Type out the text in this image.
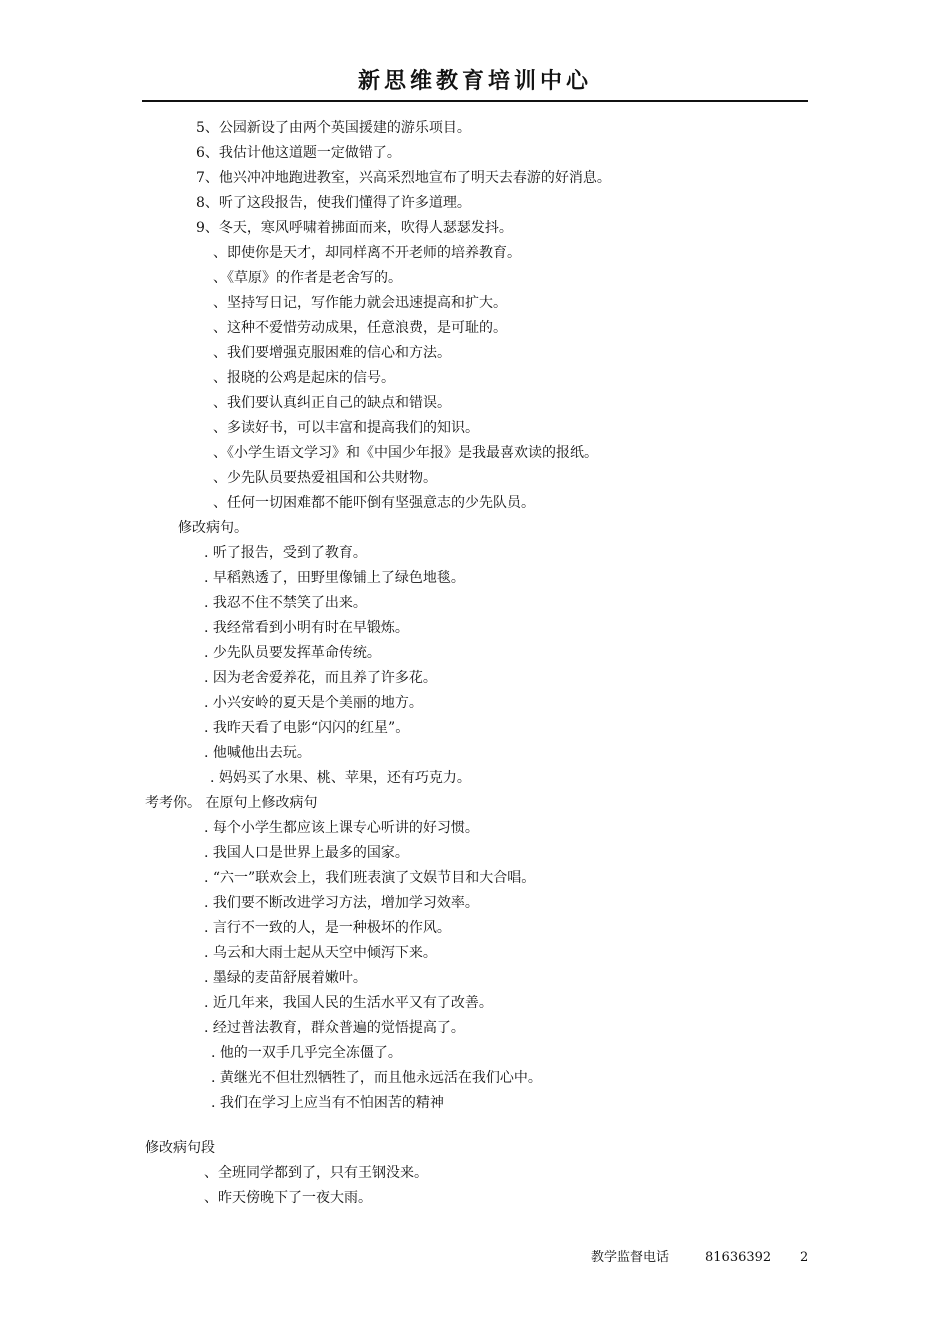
新思维教育培训中心
5、公园新设了由两个英国援建的游乐项目。
6、我估计他这道题一定做错了。
7、他兴冲冲地跑进教室，兴高采烈地宣布了明天去春游的好消息。
8、听了这段报告，使我们懂得了许多道理。
9、冬天，寒风呼啸着拂面而来，吹得人瑟瑟发抖。
、即使你是天才，却同样离不开老师的培养教育。
、《草原》的作者是老舍写的。
、坚持写日记，写作能力就会迅速提高和扩大。
、这种不爱惜劳动成果，任意浪费，是可耻的。
、我们要增强克服困难的信心和方法。
、报晓的公鸡是起床的信号。
、我们要认真纠正自己的缺点和错误。
、多读好书，可以丰富和提高我们的知识。
、《小学生语文学习》和《中国少年报》是我最喜欢读的报纸。
、少先队员要热爱祖国和公共财物。
、任何一切困难都不能吓倒有坚强意志的少先队员。
修改病句。
. 听了报告，受到了教育。
. 早稻熟透了，田野里像铺上了绿色地毯。
. 我忍不住不禁笑了出来。
. 我经常看到小明有时在早锻炼。
. 少先队员要发挥革命传统。
. 因为老舍爱养花，而且养了许多花。
. 小兴安岭的夏天是个美丽的地方。
. 我昨天看了电影“闪闪的红星”。
. 他喊他出去玩。
. 妈妈买了水果、桃、苹果，还有巧克力。
考考你。 在原句上修改病句
. 每个小学生都应该上课专心听讲的好习惯。
. 我国人口是世界上最多的国家。
. “六一”联欢会上，我们班表演了文娱节目和大合唱。
. 我们要不断改进学习方法，增加学习效率。
. 言行不一致的人，是一种极坏的作风。
. 乌云和大雨士起从天空中倾泻下来。
. 墨绿的麦苗舒展着嫩叶。
. 近几年来，我国人民的生活水平又有了改善。
. 经过普法教育，群众普遍的觉悟提高了。
. 他的一双手几乎完全冻僵了。
. 黄继光不但壮烈牺牲了，而且他永远活在我们心中。
. 我们在学习上应当有不怕困苦的精神
修改病句段
、全班同学都到了，只有王钢没来。
、昨天傍晚下了一夜大雨。
教学监督电话	81636392 2
